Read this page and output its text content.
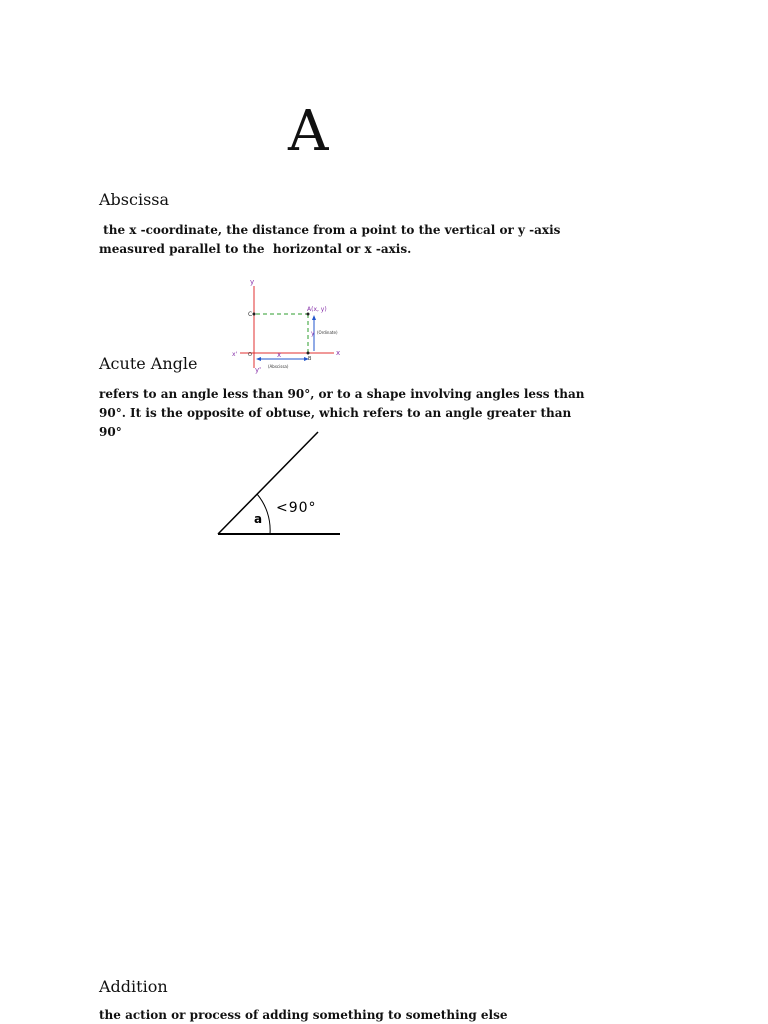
A
Abscissa
the x -coordinate, the distance from a point to the vertical or y -axis
measured parallel to the  horizontal or x -axis.
y
y'
x
x'
C
A(x, y)
B
O	x
y (Ordinate)
(Abscissa)
Acute Angle
refers to an angle less than 90°, or to a shape involving angles less than
90°. It is the opposite of obtuse, which refers to an angle greater than
90°
a
<90°
Addition
the action or process of adding something to something else
